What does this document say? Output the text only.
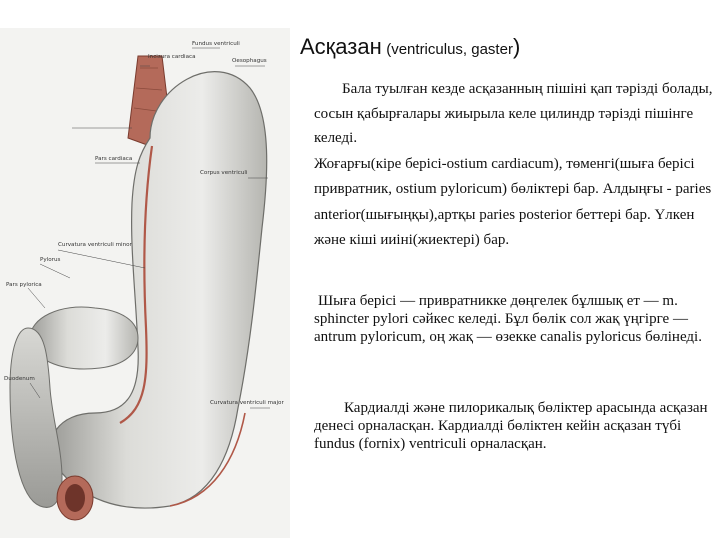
Fundus ventriculi
Incisura cardiaca
Oesophagus
Pars cardiaca
Curvatura ventriculi minor
Pylorus
Pars pylorica
Curvatura ventriculi major
Corpus ventriculi
Duodenum
Асқазан (ventriculus, gaster)

Бала туылған кезде асқазанның пішіні қап тәрізді болады, сосын қабырғалары жиырыла келе цилиндр тәрізді пішінге келеді.

Жоғарғы(кіре берісі-ostium cardiacum), төменгі(шыға берісі привратник, ostium pyloricum) бөліктері бар. Алдыңғы - paries anterior(шығыңқы),артқы paries posterior беттері бар. Үлкен және кіші ииіні(жиектері) бар.

Шыға берісі — привратникке дөңгелек бұлшық ет — m. sphincter pylori сәйкес келеді. Бұл бөлік сол жақ үңгірге — antrum pyloricum, оң жақ — өзекке canalis pyloricus бөлінеді.

Кардиалді және пилорикалық бөліктер арасында асқазан денесі орналасқан. Кардиалді бөліктен кейін асқазан түбі fundus (fornix) ventriculi орналасқан.
